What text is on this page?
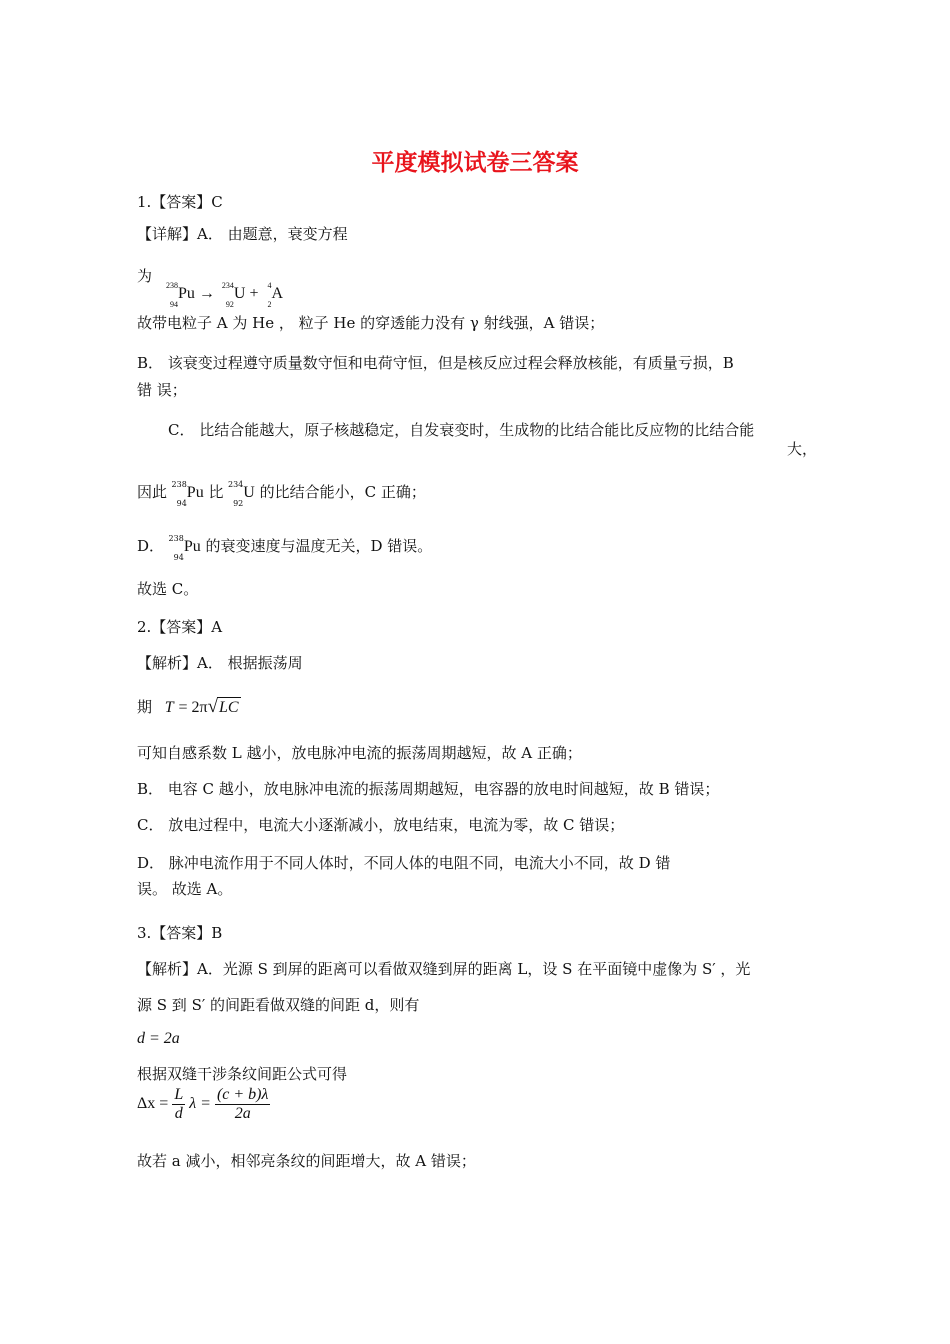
平度模拟试卷三答案
1.【答案】C
【详解】A． 由题意，衰变方程
为
238
94
Pu → 234
92
U + 4
2
A
故带电粒子 A 为 He ， 粒子 He 的穿透能力没有 γ 射线强，A 错误；
B． 该衰变过程遵守质量数守恒和电荷守恒，但是核反应过程会释放核能，有质量亏损，B
错 误；
C． 比结合能越大，原子核越稳定，自发衰变时，生成物的比结合能比反应物的比结合能
大，
因此 238
94
Pu 比 234
92
U 的比结合能小，C 正确；
D． 238
94
Pu 的衰变速度与温度无关，D 错误。
故选 C。
2.【答案】A
【解析】A． 根据振荡周
期 T = 2π√LC
可知自感系数 L 越小，放电脉冲电流的振荡周期越短，故 A 正确；
B． 电容 C 越小，放电脉冲电流的振荡周期越短，电容器的放电时间越短，故 B 错误；
C． 放电过程中，电流大小逐渐减小，放电结束，电流为零，故 C 错误；
D． 脉冲电流作用于不同人体时，不同人体的电阻不同，电流大小不同，故 D 错
误。 故选 A。
3.【答案】B
【解析】A．光源 S 到屏的距离可以看做双缝到屏的距离 L，设 S 在平面镜中虚像为 S′ ，光
源 S 到 S′ 的间距看做双缝的间距 d，则有
d = 2a
根据双缝干涉条纹间距公式可得
$\Delta x = \frac{L}{d}$ $\lambda = \frac{(c + b)\lambda}{2a}$
故若 a 减小，相邻亮条纹的间距增大，故 A 错误；
